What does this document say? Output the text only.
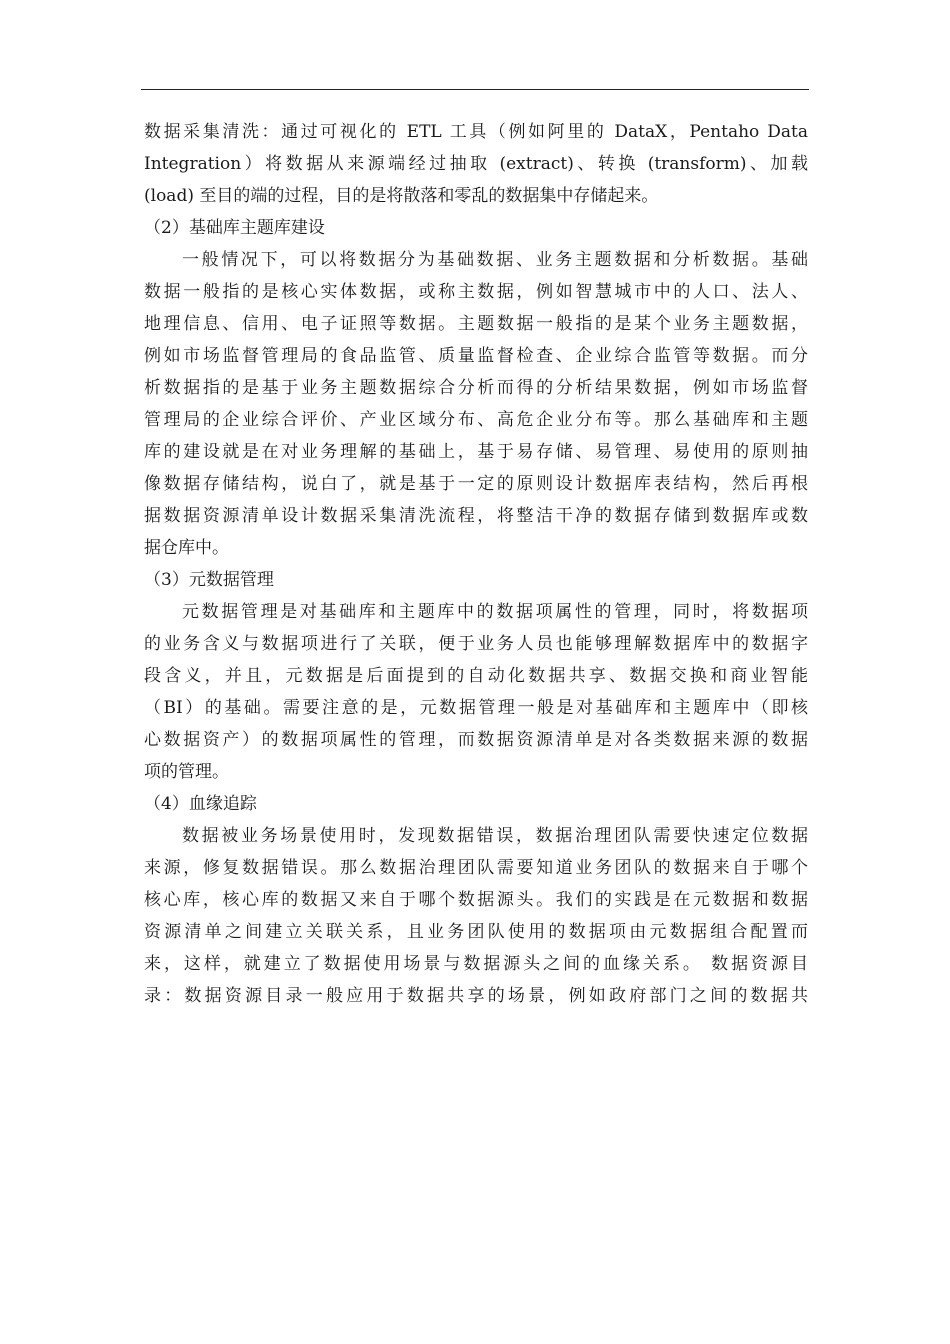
数据采集清洗：通过可视化的 ETL 工具（例如阿里的 DataX，Pentaho Data
Integration）将数据从来源端经过抽取 (extract)、转换 (transform)、加载
(load) 至目的端的过程，目的是将散落和零乱的数据集中存储起来。
（2）基础库主题库建设
一般情况下，可以将数据分为基础数据、业务主题数据和分析数据。基础
数据一般指的是核心实体数据，或称主数据，例如智慧城市中的人口、法人、
地理信息、信用、电子证照等数据。主题数据一般指的是某个业务主题数据，
例如市场监督管理局的食品监管、质量监督检查、企业综合监管等数据。而分
析数据指的是基于业务主题数据综合分析而得的分析结果数据，例如市场监督
管理局的企业综合评价、产业区域分布、高危企业分布等。那么基础库和主题
库的建设就是在对业务理解的基础上，基于易存储、易管理、易使用的原则抽
像数据存储结构，说白了，就是基于一定的原则设计数据库表结构，然后再根
据数据资源清单设计数据采集清洗流程，将整洁干净的数据存储到数据库或数
据仓库中。
（3）元数据管理
元数据管理是对基础库和主题库中的数据项属性的管理，同时，将数据项
的业务含义与数据项进行了关联，便于业务人员也能够理解数据库中的数据字
段含义，并且，元数据是后面提到的自动化数据共享、数据交换和商业智能
（BI）的基础。需要注意的是，元数据管理一般是对基础库和主题库中（即核
心数据资产）的数据项属性的管理，而数据资源清单是对各类数据来源的数据
项的管理。
（4）血缘追踪
数据被业务场景使用时，发现数据错误，数据治理团队需要快速定位数据
来源，修复数据错误。那么数据治理团队需要知道业务团队的数据来自于哪个
核心库，核心库的数据又来自于哪个数据源头。我们的实践是在元数据和数据
资源清单之间建立关联关系，且业务团队使用的数据项由元数据组合配置而
来，这样，就建立了数据使用场景与数据源头之间的血缘关系。 数据资源目
录：数据资源目录一般应用于数据共享的场景，例如政府部门之间的数据共
